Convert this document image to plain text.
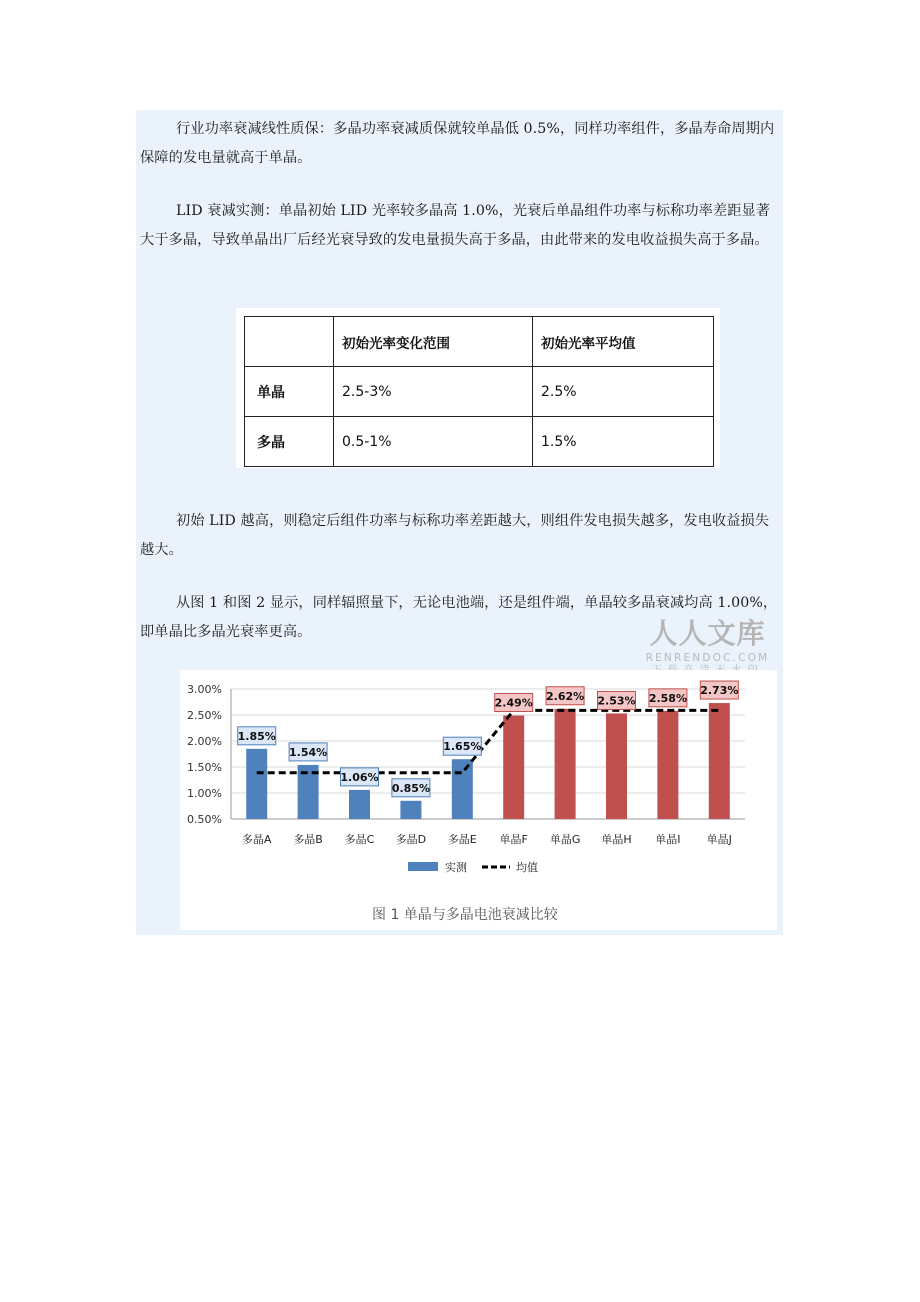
行业功率衰减线性质保：多晶功率衰减质保就较单晶低 0.5%，同样功率组件，多晶寿命周期内保障的发电量就高于单晶。

LID 衰减实测：单晶初始 LID 光率较多晶高 1.0%，光衰后单晶组件功率与标称功率差距显著大于多晶，导致单晶出厂后经光衰导致的发电量损失高于多晶，由此带来的发电收益损失高于多晶。

	初始光率变化范围	初始光率平均值
单晶	2.5-3%	2.5%
多晶	0.5-1%	1.5%

初始 LID 越高，则稳定后组件功率与标称功率差距越大，则组件发电损失越多，发电收益损失越大。

从图 1 和图 2 显示，同样辐照量下，无论电池端，还是组件端，单晶较多晶衰减均高 1.00%，即单晶比多晶光衰率更高。	人人文库
RENRENDOC.COM
0.50%
1.00%
1.50%
2.00%
2.50%
3.00%
1.85%
1.54%
1.06%
0.85%
1.65%
2.49%
2.62% 2.53% 2.58%
2.73%
多晶A 多晶B 多晶C 多晶D 多晶E 单晶F 单晶G 单晶H 单晶I 单晶J
实测	均值
图 1 单晶与多晶电池衰减比较
